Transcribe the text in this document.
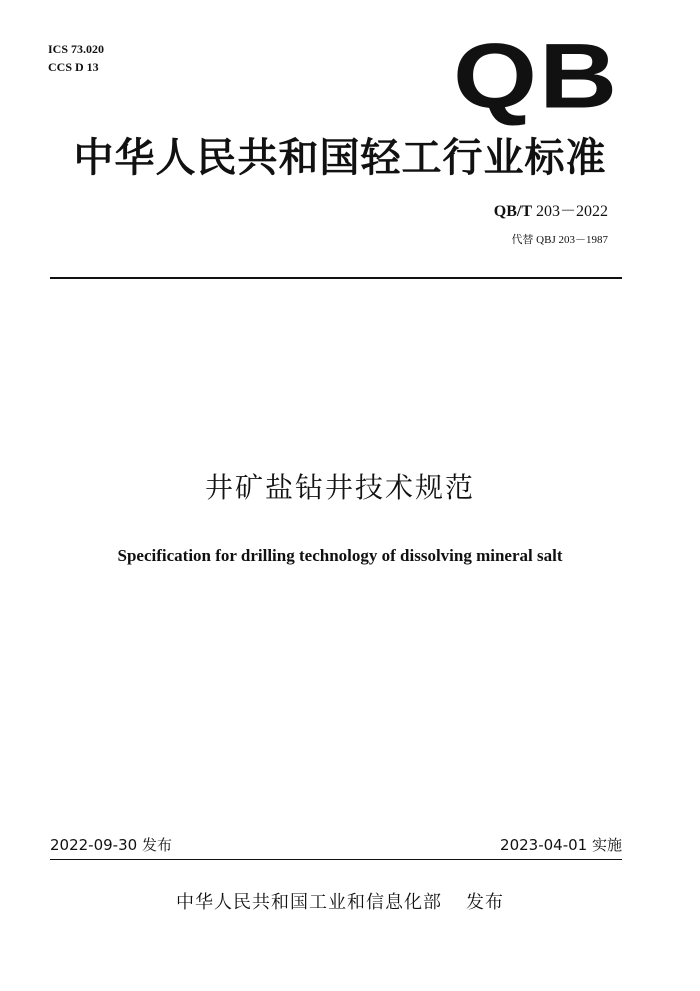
ICS 73.020
CCS D 13	QB
中华人民共和国轻工行业标准
QB/T 203－2022
代替 QBJ 203－1987
井矿盐钻井技术规范
Specification for drilling technology of dissolving mineral salt
2022-09-30 发布	2023-04-01 实施
中华人民共和国工业和信息化部 发布
